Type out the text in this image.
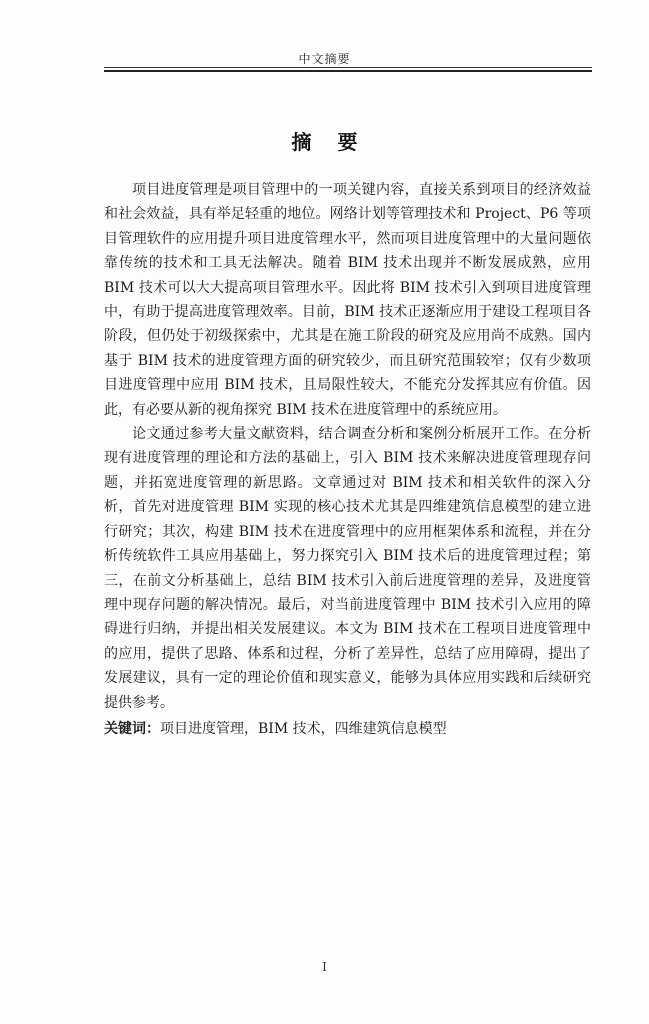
中文摘要
摘要

项目进度管理是项目管理中的一项关键内容，直接关系到项目的经济效益和社会效益，具有举足轻重的地位。网络计划等管理技术和 Project、P6 等项目管理软件的应用提升项目进度管理水平，然而项目进度管理中的大量问题依靠传统的技术和工具无法解决。随着 BIM 技术出现并不断发展成熟，应用 BIM 技术可以大大提高项目管理水平。因此将 BIM 技术引入到项目进度管理中，有助于提高进度管理效率。目前，BIM 技术正逐渐应用于建设工程项目各阶段，但仍处于初级探索中，尤其是在施工阶段的研究及应用尚不成熟。国内基于 BIM 技术的进度管理方面的研究较少，而且研究范围较窄；仅有少数项目进度管理中应用 BIM 技术，且局限性较大，不能充分发挥其应有价值。因此，有必要从新的视角探究 BIM 技术在进度管理中的系统应用。

论文通过参考大量文献资料，结合调查分析和案例分析展开工作。在分析现有进度管理的理论和方法的基础上，引入 BIM 技术来解决进度管理现存问题，并拓宽进度管理的新思路。文章通过对 BIM 技术和相关软件的深入分析，首先对进度管理 BIM 实现的核心技术尤其是四维建筑信息模型的建立进行研究；其次，构建 BIM 技术在进度管理中的应用框架体系和流程，并在分析传统软件工具应用基础上，努力探究引入 BIM 技术后的进度管理过程；第三，在前文分析基础上，总结 BIM 技术引入前后进度管理的差异，及进度管理中现存问题的解决情况。最后，对当前进度管理中 BIM 技术引入应用的障碍进行归纳，并提出相关发展建议。本文为 BIM 技术在工程项目进度管理中的应用，提供了思路、体系和过程，分析了差异性，总结了应用障碍，提出了发展建议，具有一定的理论价值和现实意义，能够为具体应用实践和后续研究提供参考。

关键词：项目进度管理，BIM 技术，四维建筑信息模型
I
